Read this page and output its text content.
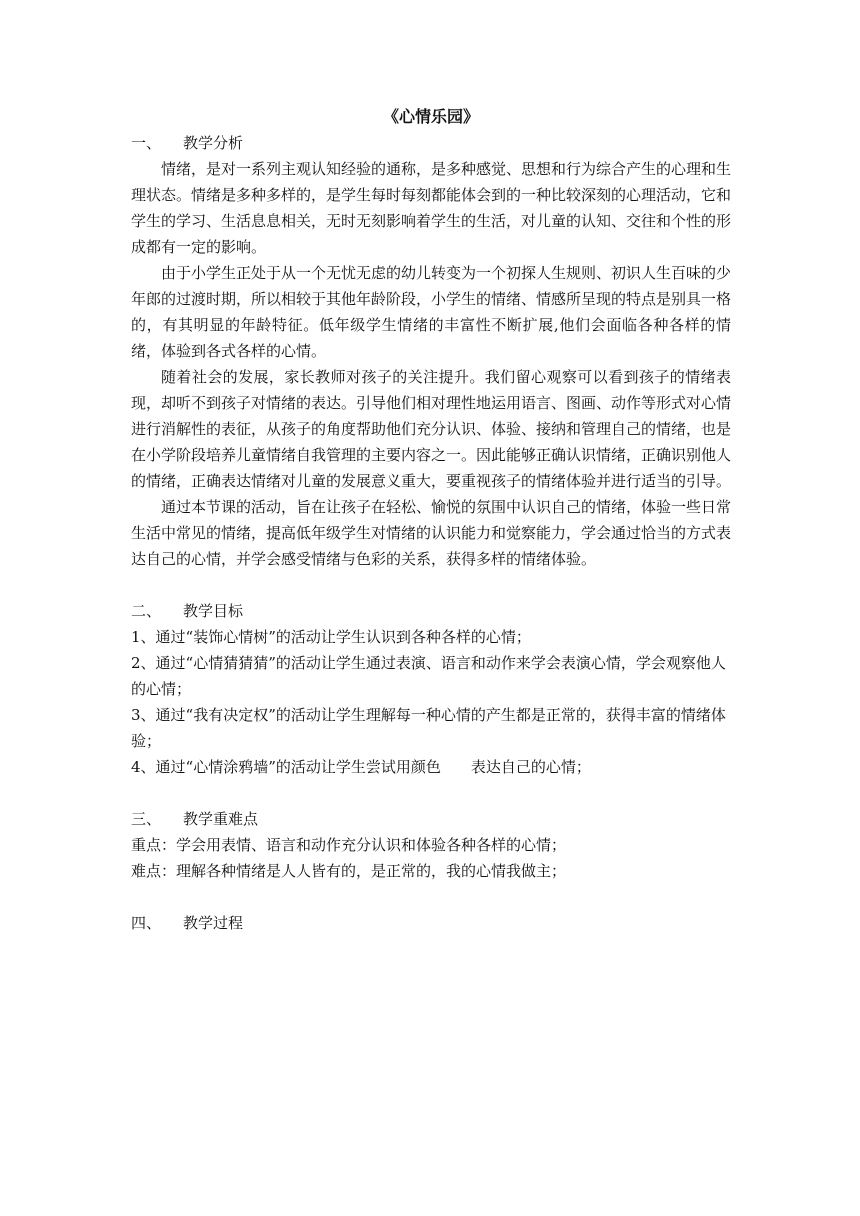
《心情乐园》
一、 教学分析

情绪，是对一系列主观认知经验的通称，是多种感觉、思想和行为综合产生的心理和生理状态。情绪是多种多样的，是学生每时每刻都能体会到的一种比较深刻的心理活动，它和学生的学习、生活息息相关，无时无刻影响着学生的生活，对儿童的认知、交往和个性的形成都有一定的影响。

由于小学生正处于从一个无忧无虑的幼儿转变为一个初探人生规则、初识人生百味的少年郎的过渡时期，所以相较于其他年龄阶段，小学生的情绪、情感所呈现的特点是别具一格的，有其明显的年龄特征。低年级学生情绪的丰富性不断扩展,他们会面临各种各样的情绪，体验到各式各样的心情。

随着社会的发展，家长教师对孩子的关注提升。我们留心观察可以看到孩子的情绪表现，却听不到孩子对情绪的表达。引导他们相对理性地运用语言、图画、动作等形式对心情进行消解性的表征，从孩子的角度帮助他们充分认识、体验、接纳和管理自己的情绪，也是在小学阶段培养儿童情绪自我管理的主要内容之一。因此能够正确认识情绪，正确识别他人的情绪，正确表达情绪对儿童的发展意义重大，要重视孩子的情绪体验并进行适当的引导。

通过本节课的活动，旨在让孩子在轻松、愉悦的氛围中认识自己的情绪，体验一些日常生活中常见的情绪，提高低年级学生对情绪的认识能力和觉察能力，学会通过恰当的方式表达自己的心情，并学会感受情绪与色彩的关系，获得多样的情绪体验。

二、 教学目标

1、通过“装饰心情树”的活动让学生认识到各种各样的心情；

2、通过“心情猜猜猜”的活动让学生通过表演、语言和动作来学会表演心情，学会观察他人的心情；

3、通过“我有决定权”的活动让学生理解每一种心情的产生都是正常的，获得丰富的情绪体验；

4、通过“心情涂鸦墙”的活动让学生尝试用颜色 表达自己的心情；

三、 教学重难点

重点：学会用表情、语言和动作充分认识和体验各种各样的心情；

难点：理解各种情绪是人人皆有的，是正常的，我的心情我做主；

四、 教学过程
